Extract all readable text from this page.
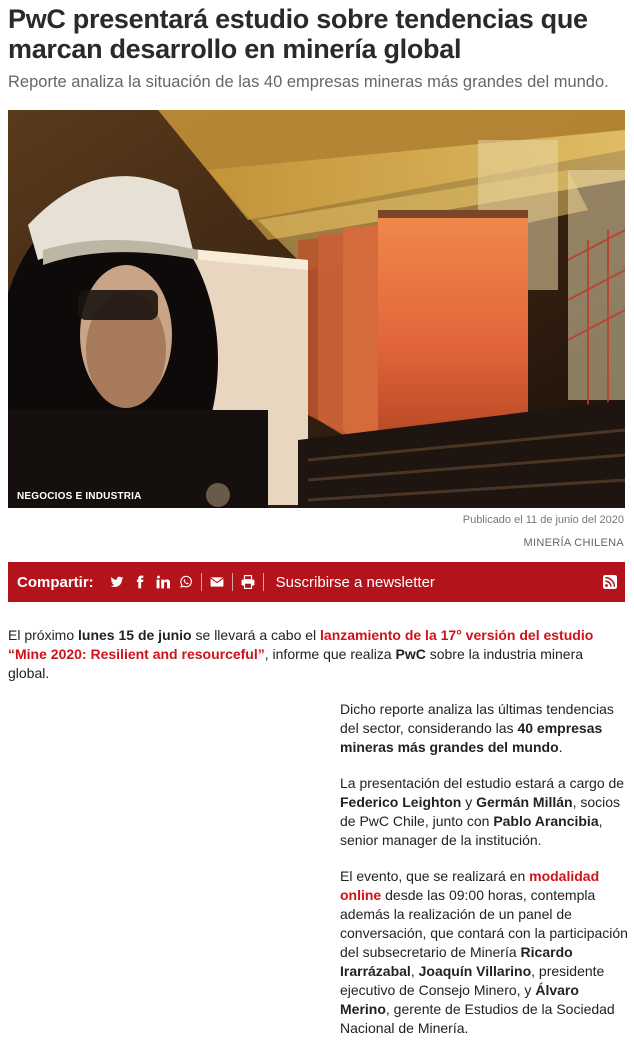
PwC presentará estudio sobre tendencias que marcan desarrollo en minería global
Reporte analiza la situación de las 40 empresas mineras más grandes del mundo.
NEGOCIOS E INDUSTRIA
Publicado el 11 de junio del 2020
MINERÍA CHILENA
Compartir:	Suscribirse a newsletter

El próximo lunes 15 de junio se llevará a cabo el lanzamiento de la 17° versión del estudio “Mine 2020: Resilient and resourceful”, informe que realiza PwC sobre la industria minera global.

Dicho reporte analiza las últimas tendencias del sector, considerando las 40 empresas mineras más grandes del mundo.

La presentación del estudio estará a cargo de Federico Leighton y Germán Millán, socios de PwC Chile, junto con Pablo Arancibia, senior manager de la institución.

El evento, que se realizará en modalidad online desde las 09:00 horas, contempla además la realización de un panel de conversación, que contará con la participación del subsecretario de Minería Ricardo Irarrázabal, Joaquín Villarino, presidente ejecutivo de Consejo Minero, y Álvaro Merino, gerente de Estudios de la Sociedad Nacional de Minería.
